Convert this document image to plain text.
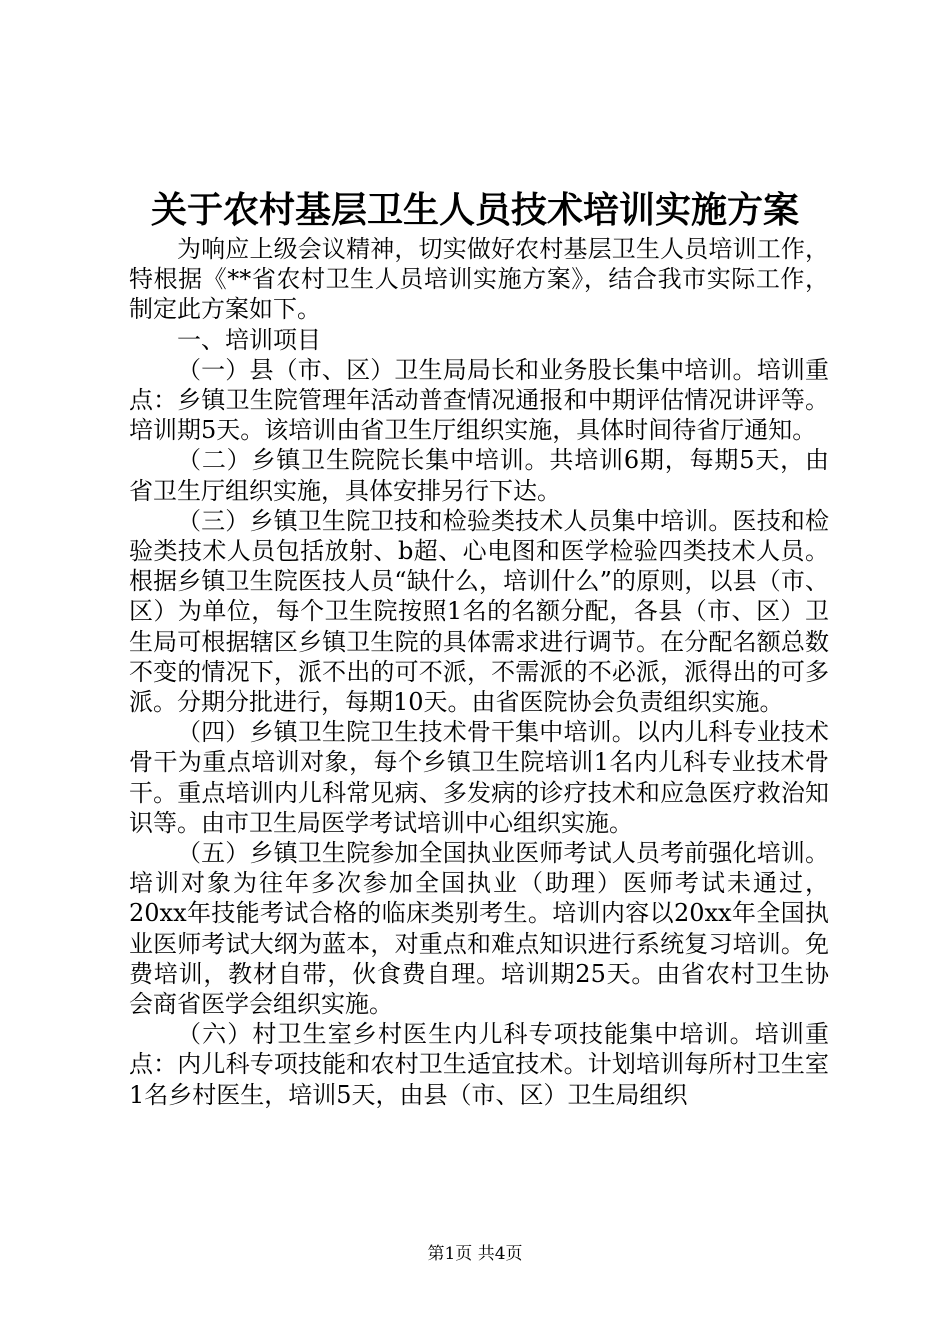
关于农村基层卫生人员技术培训实施方案

为响应上级会议精神，切实做好农村基层卫生人员培训工作，特根据《**省农村卫生人员培训实施方案》，结合我市实际工作，制定此方案如下。

一、培训项目

（一）县（市、区）卫生局局长和业务股长集中培训。培训重点：乡镇卫生院管理年活动普查情况通报和中期评估情况讲评等。培训期5天。该培训由省卫生厅组织实施，具体时间待省厅通知。

（二）乡镇卫生院院长集中培训。共培训6期，每期5天，由省卫生厅组织实施，具体安排另行下达。

（三）乡镇卫生院卫技和检验类技术人员集中培训。医技和检验类技术人员包括放射、b超、心电图和医学检验四类技术人员。根据乡镇卫生院医技人员“缺什么，培训什么”的原则，以县（市、区）为单位，每个卫生院按照1名的名额分配，各县（市、区）卫生局可根据辖区乡镇卫生院的具体需求进行调节。在分配名额总数不变的情况下，派不出的可不派，不需派的不必派，派得出的可多派。分期分批进行，每期10天。由省医院协会负责组织实施。

（四）乡镇卫生院卫生技术骨干集中培训。以内儿科专业技术骨干为重点培训对象，每个乡镇卫生院培训1名内儿科专业技术骨干。重点培训内儿科常见病、多发病的诊疗技术和应急医疗救治知识等。由市卫生局医学考试培训中心组织实施。

（五）乡镇卫生院参加全国执业医师考试人员考前强化培训。培训对象为往年多次参加全国执业（助理）医师考试未通过，20xx年技能考试合格的临床类别考生。培训内容以20xx年全国执业医师考试大纲为蓝本，对重点和难点知识进行系统复习培训。免费培训，教材自带，伙食费自理。培训期25天。由省农村卫生协会商省医学会组织实施。

（六）村卫生室乡村医生内儿科专项技能集中培训。培训重点：内儿科专项技能和农村卫生适宜技术。计划培训每所村卫生室1名乡村医生，培训5天，由县（市、区）卫生局组织

第1页 共4页
